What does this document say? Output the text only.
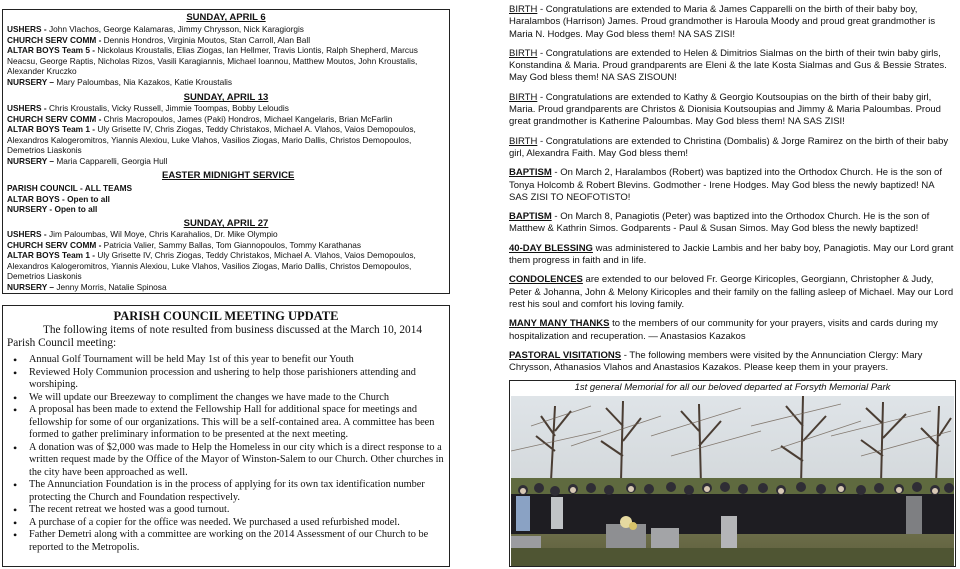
SUNDAY, APRIL 6
USHERS - John Vlachos, George Kalamaras, Jimmy Chrysson, Nick Karagiorgis
CHURCH SERV COMM - Dennis Hondros, Virginia Moutos, Stan Carroll, Alan Ball
ALTAR BOYS Team 5 - Nickolaus Kroustalis, Elias Ziogas, Ian Hellmer, Travis Liontis, Ralph Shepherd, Marcus Neacsu, George Raptis, Nicholas Rizos, Vasili Karagiannis, Michael Ioannou, Matthew Moutos, John Kroustalis, Alexander Kruczko
NURSERY – Mary Paloumbas, Nia Kazakos, Katie Kroustalis
SUNDAY, APRIL 13
USHERS - Chris Kroustalis, Vicky Russell, Jimmie Toompas, Bobby Leloudis
CHURCH SERV COMM - Chris Macropoulos, James (Paki) Hondros, Michael Kangelaris, Brian McFarlin
ALTAR BOYS Team 1 - Uly Grisette IV, Chris Ziogas, Teddy Christakos, Michael A. Vlahos, Vaios Demopoulos, Alexandros Kalogeromitros, Yiannis Alexiou, Luke Vlahos, Vasilios Ziogas, Mario Dallis, Christos Demopoulos, Demetrios Liaskonis
NURSERY – Maria Capparelli, Georgia Hull
EASTER MIDNIGHT SERVICE
PARISH COUNCIL - ALL TEAMS
ALTAR BOYS - Open to all
NURSERY - Open to all
SUNDAY, APRIL 27
USHERS - Jim Paloumbas, Wil Moye, Chris Karahalios, Dr. Mike Olympio
CHURCH SERV COMM - Patricia Valier, Sammy Ballas, Tom Giannopoulos, Tommy Karathanas
ALTAR BOYS Team 1 - Uly Grisette IV, Chris Ziogas, Teddy Christakos, Michael A. Vlahos, Vaios Demopoulos, Alexandros Kalogeromitros, Yiannis Alexiou, Luke Vlahos, Vasilios Ziogas, Mario Dallis, Christos Demopoulos, Demetrios Liaskonis
NURSERY – Jenny Morris, Natalie Spinosa
PARISH COUNCIL MEETING UPDATE
The following items of note resulted from business discussed at the March 10, 2014 Parish Council meeting:
• Annual Golf Tournament will be held May 1st of this year to benefit our Youth
• Reviewed Holy Communion procession and ushering to help those parishioners attending and worshiping.
• We will update our Breezeway to compliment the changes we have made to the Church
• A proposal has been made to extend the Fellowship Hall for additional space for meetings and fellowship for some of our organizations. This will be a self-contained area. A committee has been formed to gather preliminary information to be presented at the next meeting.
• A donation was of $2,000 was made to Help the Homeless in our city which is a direct response to a written request made by the Office of the Mayor of Winston-Salem to our Church. Other churches in the city have been approached as well.
• The Annunciation Foundation is in the process of applying for its own tax identification number protecting the Church and Foundation respectively.
• The recent retreat we hosted was a good turnout.
• A purchase of a copier for the office was needed. We purchased a used refurbished model.
• Father Demetri along with a committee are working on the 2014 Assessment of our Church to be reported to the Metropolis.

BIRTH - Congratulations are extended to Maria & James Capparelli on the birth of their baby boy, Haralambos (Harrison) James. Proud grandmother is Haroula Moody and proud great grandmother is Maria N. Hodges. May God bless them! NA SAS ZISI!

BIRTH - Congratulations are extended to Helen & Dimitrios Sialmas on the birth of their twin baby girls, Konstandina & Maria. Proud grandparents are Eleni & the late Kosta Sialmas and Gus & Bessie Strates. May God bless them! NA SAS ZISOUN!

BIRTH - Congratulations are extended to Kathy & Georgio Koutsoupias on the birth of their baby girl, Maria. Proud grandparents are Christos & Dionisia Koutsoupias and Jimmy & Maria Paloumbas. Proud great grandmother is Katherine Paloumbas. May God bless them! NA SAS ZISI!

BIRTH - Congratulations are extended to Christina (Dombalis) & Jorge Ramirez on the birth of their baby girl, Alexandra Faith. May God bless them!

BAPTISM - On March 2, Haralambos (Robert) was baptized into the Orthodox Church. He is the son of Tonya Holcomb & Robert Blevins. Godmother - Irene Hodges. May God bless the newly baptized! NA SAS ZISI TO NEOFOTISTO!

BAPTISM - On March 8, Panagiotis (Peter) was baptized into the Orthodox Church. He is the son of Matthew & Kathrin Simos. Godparents - Paul & Susan Simos. May God bless the newly baptized!

40-DAY BLESSING was administered to Jackie Lambis and her baby boy, Panagiotis. May our Lord grant them progress in faith and in life.

CONDOLENCES are extended to our beloved Fr. George Kiricoples, Georgiann, Christopher & Judy, Peter & Johanna, John & Melony Kiricoples and their family on the falling asleep of Michael. May our Lord rest his soul and comfort his loving family.

MANY MANY THANKS to the members of our community for your prayers, visits and cards during my hospitalization and recuperation. — Anastasios Kazakos

PASTORAL VISITATIONS - The following members were visited by the Annunciation Clergy: Mary Chrysson, Athanasios Vlahos and Anastasios Kazakos. Please keep them in your prayers.

1st general Memorial for all our beloved departed at Forsyth Memorial Park
